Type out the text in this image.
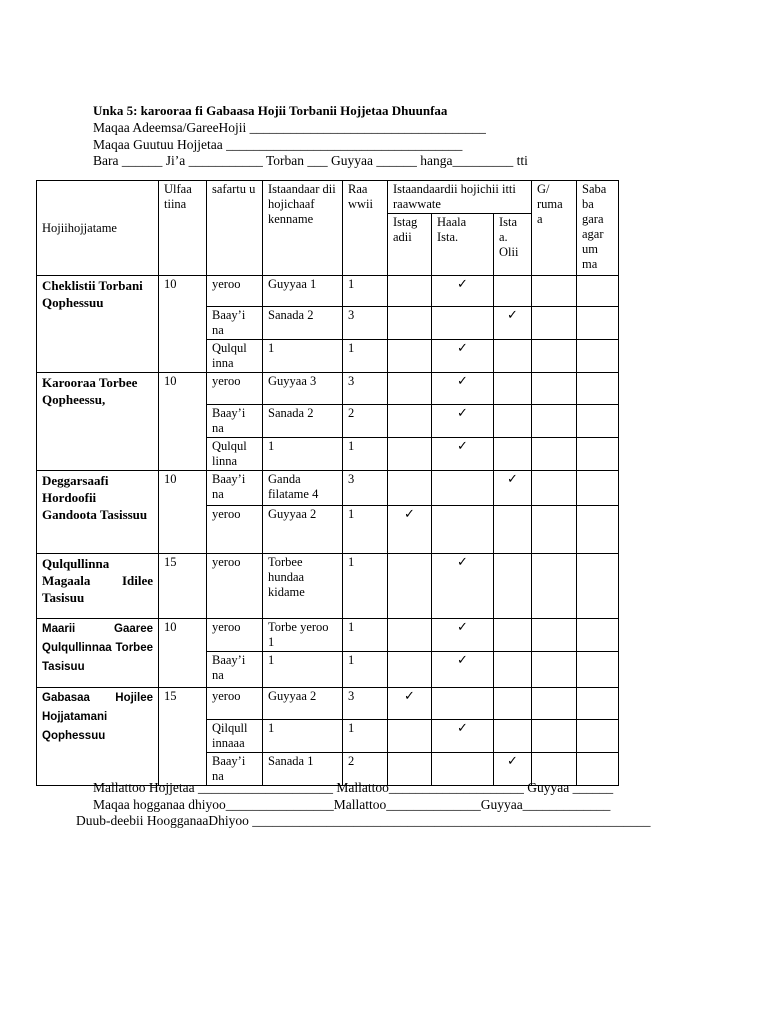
Unka 5: karooraa fi Gabaasa Hojii Torbanii Hojjetaa Dhuunfaa
Maqaa Adeemsa/GareeHojii ___________________________________
Maqaa Guutuu Hojjetaa ___________________________________
Bara ______ Ji’a ___________ Torban ___ Guyyaa ______ hanga_________ tti
Hojiihojjatame	Ulfaa tiina	safartu u	Istaandaar dii hojichaaf kenname	Raa wwii	Istaandaardii hojichii itti raawwate			G/ ruma a	Saba ba gara agar um ma
					Istag adii	Haala Ista.	Ista a. Olii		
Cheklistii Torbani Qophessuu	10	yeroo	Guyyaa 1	1		✓			
		Baay’i na	Sanada 2	3			✓		
		Qulqul inna	1	1		✓			
Karooraa Torbee Qopheessu,	10	yeroo	Guyyaa 3	3		✓			
		Baay’i na	Sanada 2	2		✓			
		Qulqul linna	1	1		✓			
Deggarsaafi Hordoofii Gandoota Tasissuu	10	Baay’i na	Ganda filatame 4	3			✓		
		yeroo	Guyyaa 2	1	✓				
Qulqullinna Magaala Idilee Tasisuu	15	yeroo	Torbee hundaa kidame	1		✓			
Maarii Gaaree Qulqullinnaa Torbee Tasisuu	10	yeroo	Torbe yeroo 1	1		✓			
		Baay’i na	1	1		✓			
Gabasaa Hojilee Hojjatamani Qophessuu	15	yeroo	Guyyaa 2	3	✓				
		Qilqull innaaa	1	1		✓			
		Baay’i na	Sanada 1	2			✓		
Mallattoo Hojjetaa ____________________ Mallattoo____________________ Guyyaa ______
Maqaa hogganaa dhiyoo________________Mallattoo______________Guyyaa_____________
Duub-deebii HoogganaaDhiyoo ___________________________________________________________
